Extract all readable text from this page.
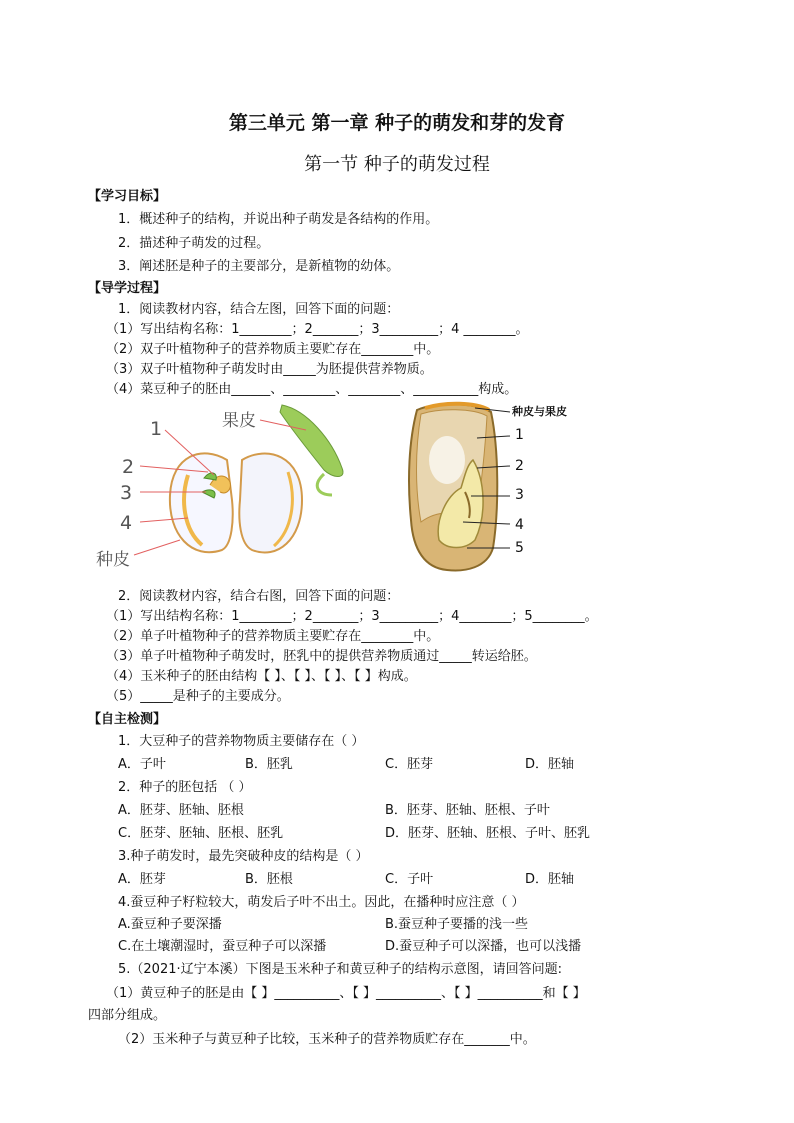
第三单元 第一章 种子的萌发和芽的发育
第一节 种子的萌发过程
【学习目标】
1．概述种子的结构，并说出种子萌发是各结构的作用。
2．描述种子萌发的过程。
3．阐述胚是种子的主要部分，是新植物的幼体。
【导学过程】
1．阅读教材内容，结合左图，回答下面的问题：
（1）写出结构名称：1________；2_______；3_________；4 ________。
（2）双子叶植物种子的营养物质主要贮存在________中。
（3）双子叶植物种子萌发时由_____为胚提供营养物质。
（4）菜豆种子的胚由______、________、________、__________构成。
1
2
3
4
种皮
果皮	种皮与果皮
1
2
3
4
5
2．阅读教材内容，结合右图，回答下面的问题：
（1）写出结构名称：1________；2_______；3_________；4________；5________。
（2）单子叶植物种子的营养物质主要贮存在________中。
（3）单子叶植物种子萌发时，胚乳中的提供营养物质通过_____转运给胚。
（4）玉米种子的胚由结构【 】、【 】、【 】、【 】构成。
（5）_____是种子的主要成分。
【自主检测】
1．大豆种子的营养物物质主要储存在（ ）
A．子叶	B．胚乳	C．胚芽	D．胚轴
2．种子的胚包括 （ ）
A．胚芽、胚轴、胚根	B．胚芽、胚轴、胚根、子叶
C．胚芽、胚轴、胚根、胚乳	D．胚芽、胚轴、胚根、子叶、胚乳
3.种子萌发时，最先突破种皮的结构是（ ）
A．胚芽	B．胚根	C．子叶	D．胚轴
4.蚕豆种子籽粒较大，萌发后子叶不出土。因此，在播种时应注意（ ）
A.蚕豆种子要深播	B.蚕豆种子要播的浅一些
C.在土壤潮湿时，蚕豆种子可以深播	D.蚕豆种子可以深播，也可以浅播
5.（2021·辽宁本溪）下图是玉米种子和黄豆种子的结构示意图，请回答问题:
（1）黄豆种子的胚是由【 】__________、【 】__________、【 】__________和【 】
四部分组成。
（2）玉米种子与黄豆种子比较，玉米种子的营养物质贮存在_______中。
